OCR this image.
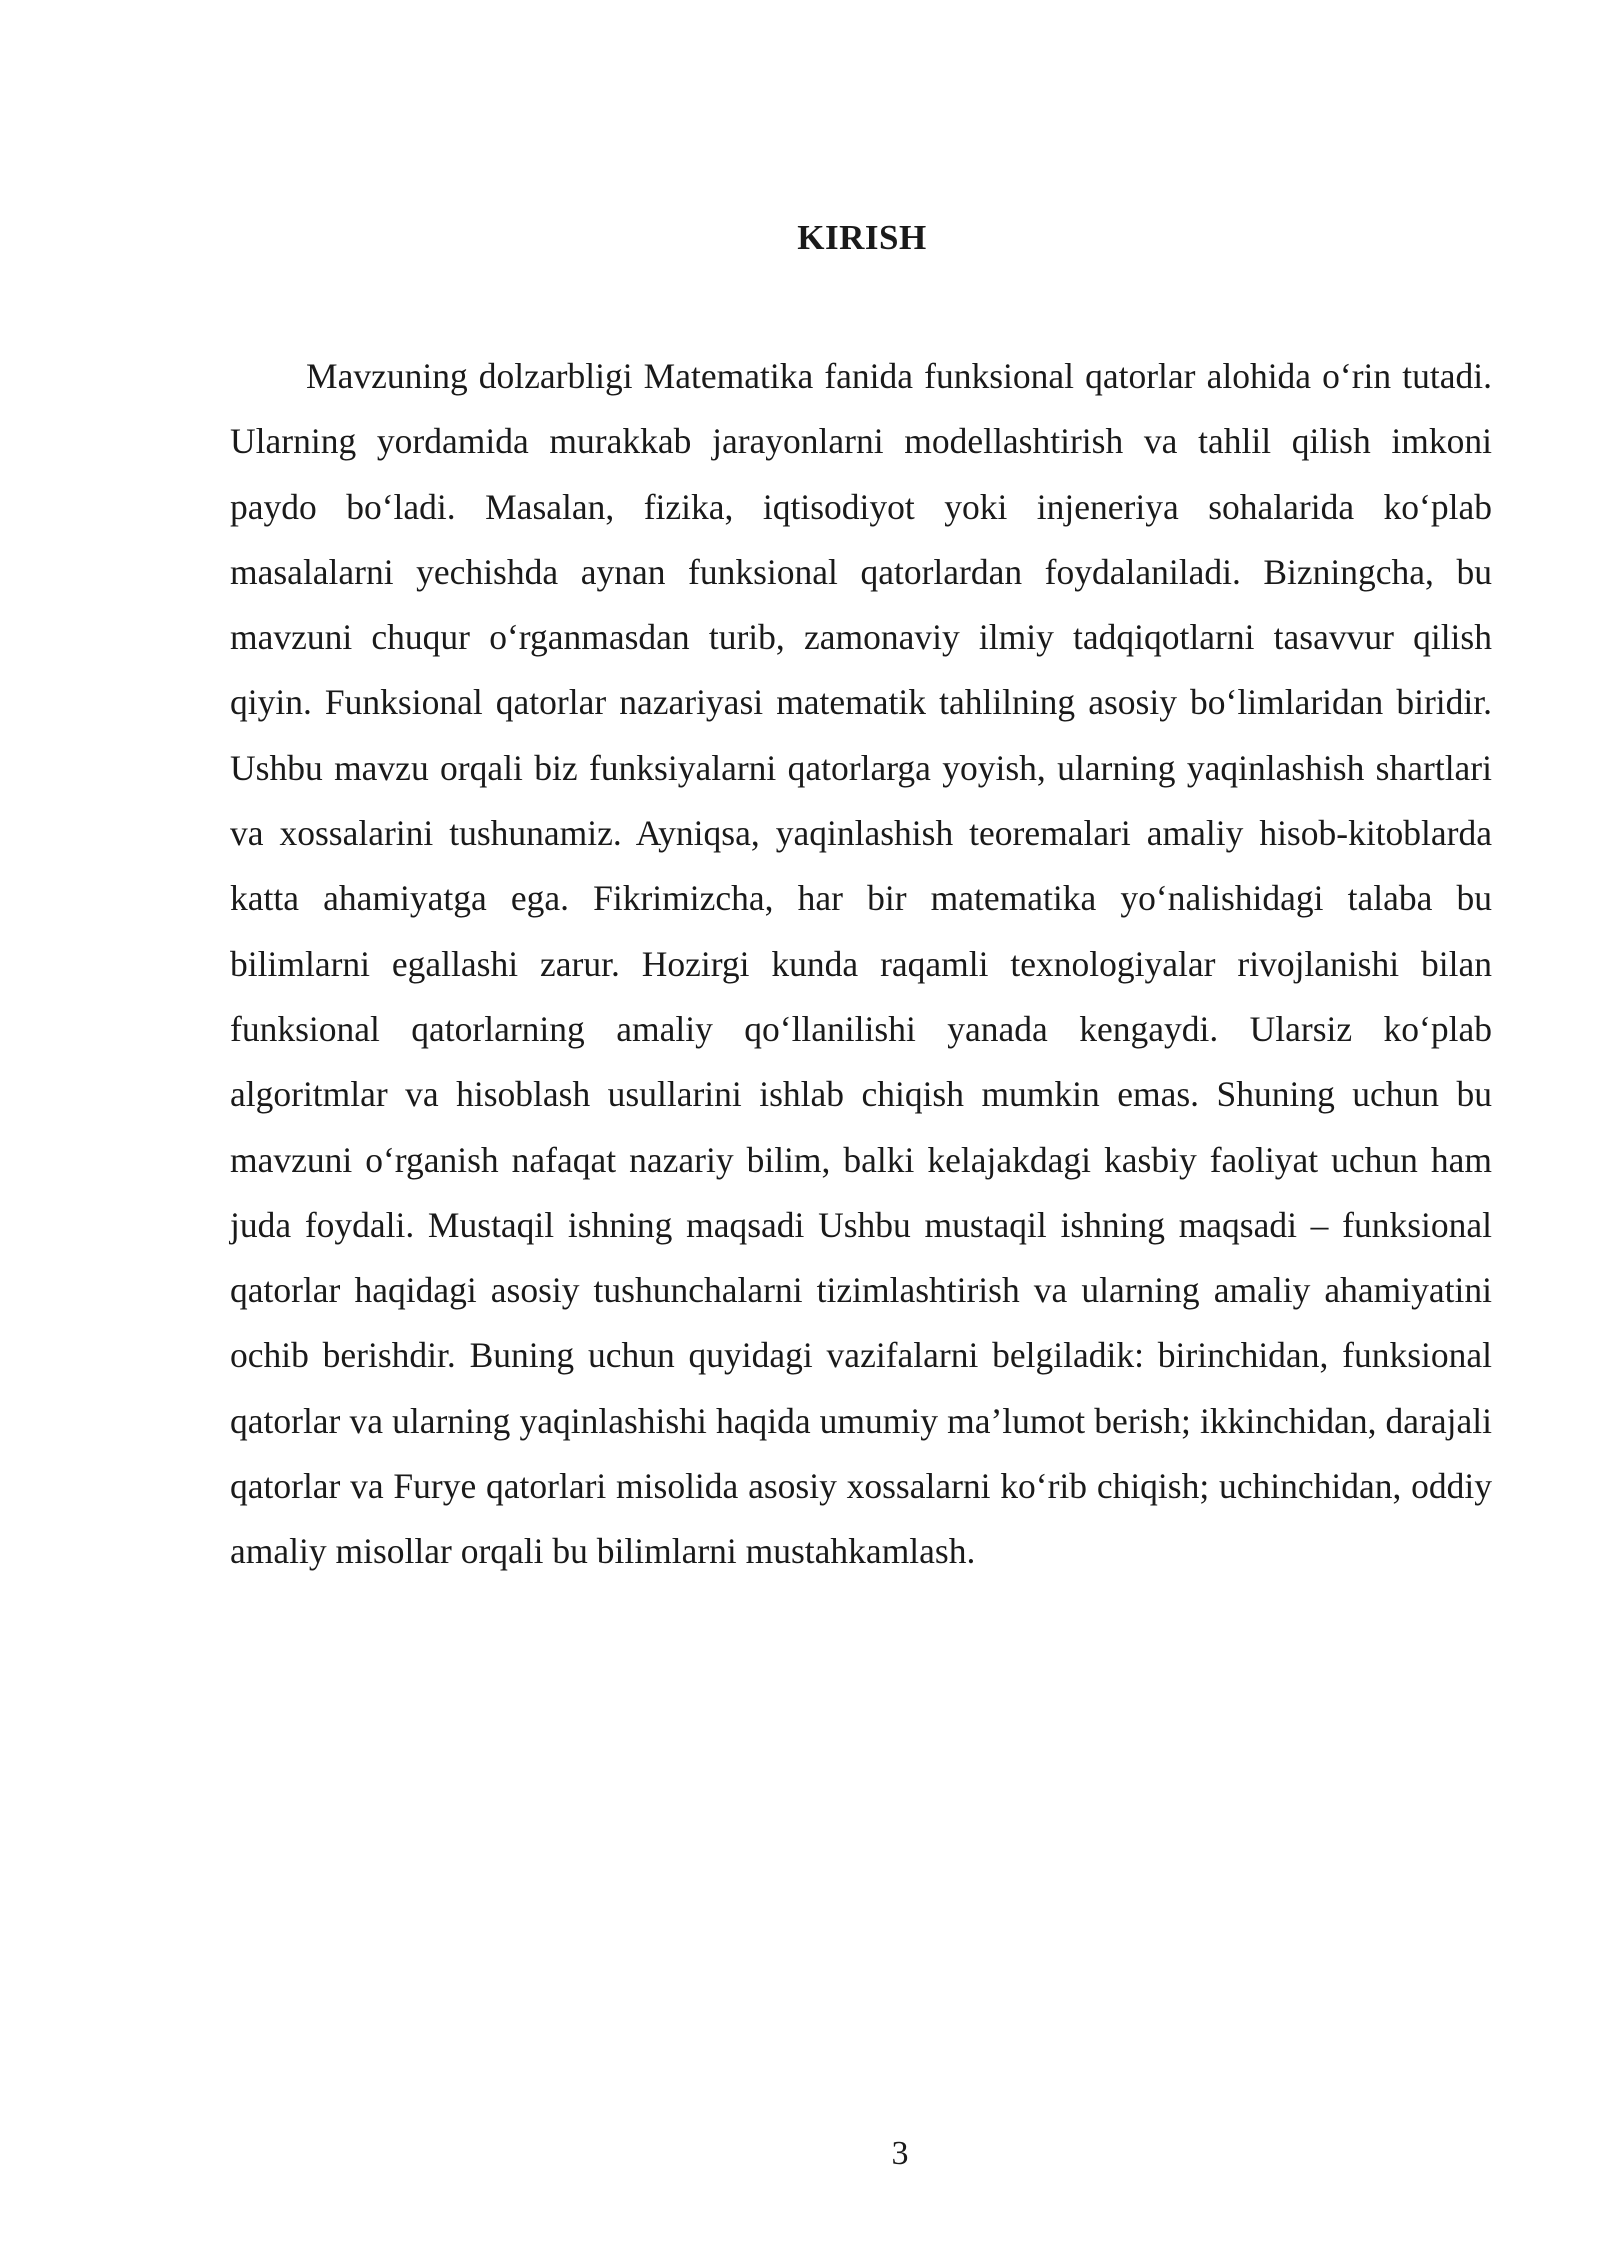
KIRISH

Mavzuning dolzarbligi Matematika fanida funksional qatorlar alohida o‘rin tutadi. Ularning yordamida murakkab jarayonlarni modellashtirish va tahlil qilish imkoni paydo bo‘ladi. Masalan, fizika, iqtisodiyot yoki injeneriya sohalarida ko‘plab masalalarni yechishda aynan funksional qatorlardan foydalaniladi. Bizningcha, bu mavzuni chuqur o‘rganmasdan turib, zamonaviy ilmiy tadqiqotlarni tasavvur qilish qiyin. Funksional qatorlar nazariyasi matematik tahlilning asosiy bo‘limlaridan biridir. Ushbu mavzu orqali biz funksiyalarni qatorlarga yoyish, ularning yaqinlashish shartlari va xossalarini tushunamiz. Ayniqsa, yaqinlashish teoremalari amaliy hisob-kitoblarda katta ahamiyatga ega. Fikrimizcha, har bir matematika yo‘nalishidagi talaba bu bilimlarni egallashi zarur. Hozirgi kunda raqamli texnologiyalar rivojlanishi bilan funksional qatorlarning amaliy qo‘llanilishi yanada kengaydi. Ularsiz ko‘plab algoritmlar va hisoblash usullarini ishlab chiqish mumkin emas. Shuning uchun bu mavzuni o‘rganish nafaqat nazariy bilim, balki kelajakdagi kasbiy faoliyat uchun ham juda foydali. Mustaqil ishning maqsadi Ushbu mustaqil ishning maqsadi – funksional qatorlar haqidagi asosiy tushunchalarni tizimlashtirish va ularning amaliy ahamiyatini ochib berishdir. Buning uchun quyidagi vazifalarni belgiladik: birinchidan, funksional qatorlar va ularning yaqinlashishi haqida umumiy ma’lumot berish; ikkinchidan, darajali qatorlar va Furye qatorlari misolida asosiy xossalarni ko‘rib chiqish; uchinchidan, oddiy amaliy misollar orqali bu bilimlarni mustahkamlash.

3
